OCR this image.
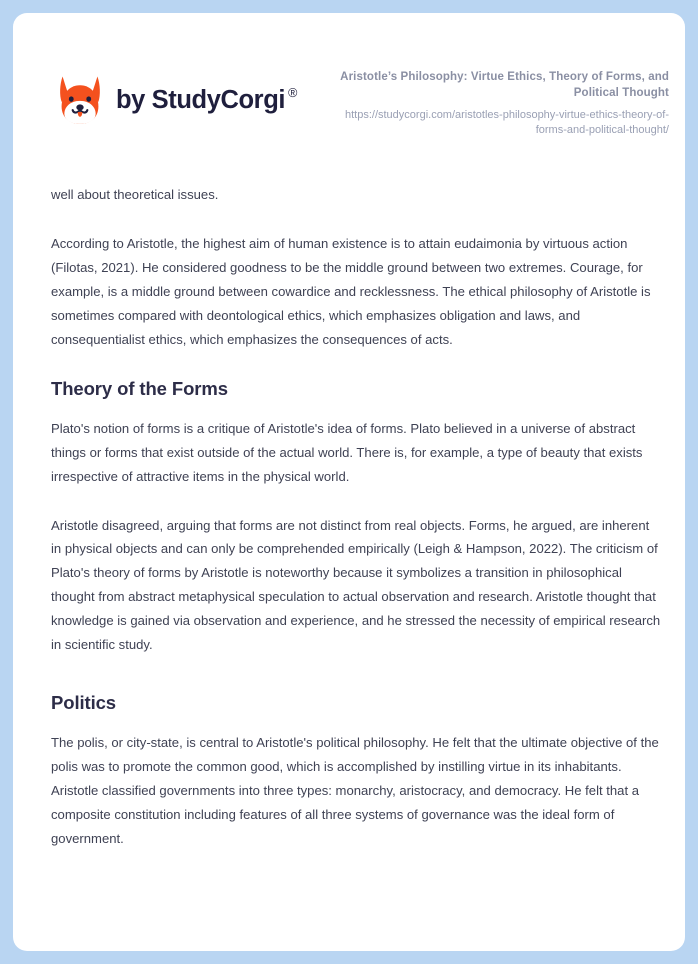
by StudyCorgi®
Aristotle’s Philosophy: Virtue Ethics, Theory of Forms, and Political Thought
https://studycorgi.com/aristotles-philosophy-virtue-ethics-theory-of-forms-and-political-thought/

well about theoretical issues.

According to Aristotle, the highest aim of human existence is to attain eudaimonia by virtuous action (Filotas, 2021). He considered goodness to be the middle ground between two extremes. Courage, for example, is a middle ground between cowardice and recklessness. The ethical philosophy of Aristotle is sometimes compared with deontological ethics, which emphasizes obligation and laws, and consequentialist ethics, which emphasizes the consequences of acts.

Theory of the Forms

Plato's notion of forms is a critique of Aristotle's idea of forms. Plato believed in a universe of abstract things or forms that exist outside of the actual world. There is, for example, a type of beauty that exists irrespective of attractive items in the physical world.

Aristotle disagreed, arguing that forms are not distinct from real objects. Forms, he argued, are inherent in physical objects and can only be comprehended empirically (Leigh & Hampson, 2022). The criticism of Plato's theory of forms by Aristotle is noteworthy because it symbolizes a transition in philosophical thought from abstract metaphysical speculation to actual observation and research. Aristotle thought that knowledge is gained via observation and experience, and he stressed the necessity of empirical research in scientific study.

Politics

The polis, or city-state, is central to Aristotle's political philosophy. He felt that the ultimate objective of the polis was to promote the common good, which is accomplished by instilling virtue in its inhabitants. Aristotle classified governments into three types: monarchy, aristocracy, and democracy. He felt that a composite constitution including features of all three systems of governance was the ideal form of government.
